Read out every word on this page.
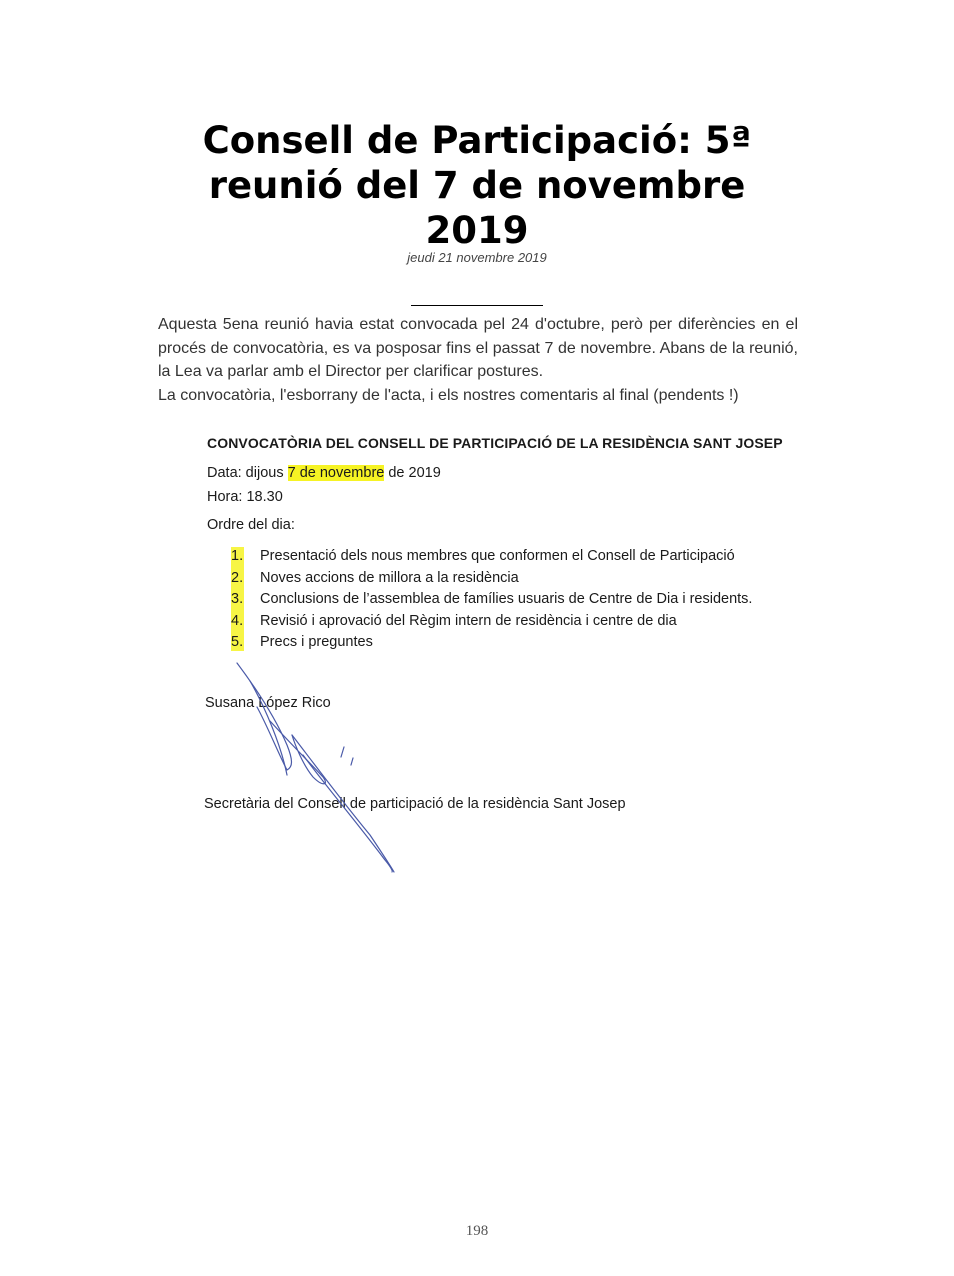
Consell de Participació: 5ª reunió del 7 de novembre 2019
jeudi 21 novembre 2019

Aquesta 5ena reunió havia estat convocada pel 24 d'octubre, però per diferències en el procés de convocatòria, es va posposar fins el passat 7 de novembre. Abans de la reunió, la Lea va parlar amb el Director per clarificar postures.

La convocatòria, l'esborrany de l'acta, i els nostres comentaris al final (pendents !)

CONVOCATÒRIA DEL CONSELL DE PARTICIPACIÓ DE LA RESIDÈNCIA SANT JOSEP
Data: dijous 7 de novembre de 2019
Hora: 18.30
Ordre del dia:
1. Presentació dels nous membres que conformen el Consell de Participació
2. Noves accions de millora a la residència
3. Conclusions de l’assemblea de famílies usuaris de Centre de Dia i residents.
4. Revisió i aprovació del Règim intern de residència i centre de dia
5. Precs i preguntes
Susana López Rico
Secretària del Consell de participació de la residència Sant Josep
198
